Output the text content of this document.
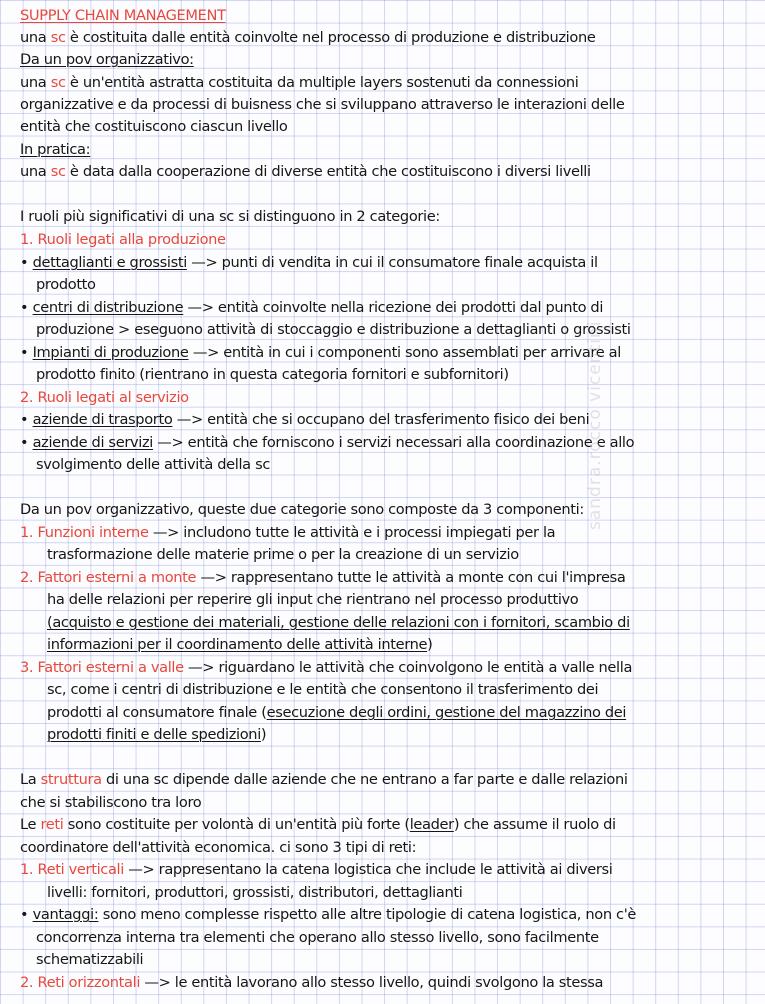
SUPPLY CHAIN MANAGEMENT
una sc è costituita dalle entità coinvolte nel processo di produzione e distribuzione
Da un pov organizzativo:
una sc è un'entità astratta costituita da multiple layers sostenuti da connessioni
organizzative e da processi di buisness che si sviluppano attraverso le interazioni delle
entità che costituiscono ciascun livello
In pratica:
una sc è data dalla cooperazione di diverse entità che costituiscono i diversi livelli
I ruoli più significativi di una sc si distinguono in 2 categorie:
1. Ruoli legati alla produzione
• dettaglianti e grossisti —> punti di vendita in cui il consumatore finale acquista il
prodotto
• centri di distribuzione —> entità coinvolte nella ricezione dei prodotti dal punto di
produzione > eseguono attività di stoccaggio e distribuzione a dettaglianti o grossisti
• Impianti di produzione —> entità in cui i componenti sono assemblati per arrivare al
prodotto finito (rientrano in questa categoria fornitori e subfornitori)
2. Ruoli legati al servizio
• aziende di trasporto —> entità che si occupano del trasferimento fisico dei beni
• aziende di servizi —> entità che forniscono i servizi necessari alla coordinazione e allo
svolgimento delle attività della sc
Da un pov organizzativo, queste due categorie sono composte da 3 componenti:
1. Funzioni interne —> includono tutte le attività e i processi impiegati per la
trasformazione delle materie prime o per la creazione di un servizio
2. Fattori esterni a monte —> rappresentano tutte le attività a monte con cui l'impresa
ha delle relazioni per reperire gli input che rientrano nel processo produttivo
(acquisto e gestione dei materiali, gestione delle relazioni con i fornitori, scambio di
informazioni per il coordinamento delle attività interne)
3. Fattori esterni a valle —> riguardano le attività che coinvolgono le entità a valle nella
sc, come i centri di distribuzione e le entità che consentono il trasferimento dei
prodotti al consumatore finale (esecuzione degli ordini, gestione del magazzino dei
prodotti finiti e delle spedizioni)
La struttura di una sc dipende dalle aziende che ne entrano a far parte e dalle relazioni
che si stabiliscono tra loro
Le reti sono costituite per volontà di un'entità più forte (leader) che assume il ruolo di
coordinatore dell'attività economica. ci sono 3 tipi di reti:
1. Reti verticali —> rappresentano la catena logistica che include le attività ai diversi
livelli: fornitori, produttori, grossisti, distributori, dettaglianti
• vantaggi: sono meno complesse rispetto alle altre tipologie di catena logistica, non c'è
concorrenza interna tra elementi che operano allo stesso livello, sono facilmente
schematizzabili
2. Reti orizzontali —> le entità lavorano allo stesso livello, quindi svolgono la stessa
sandra.rocco vicentini
